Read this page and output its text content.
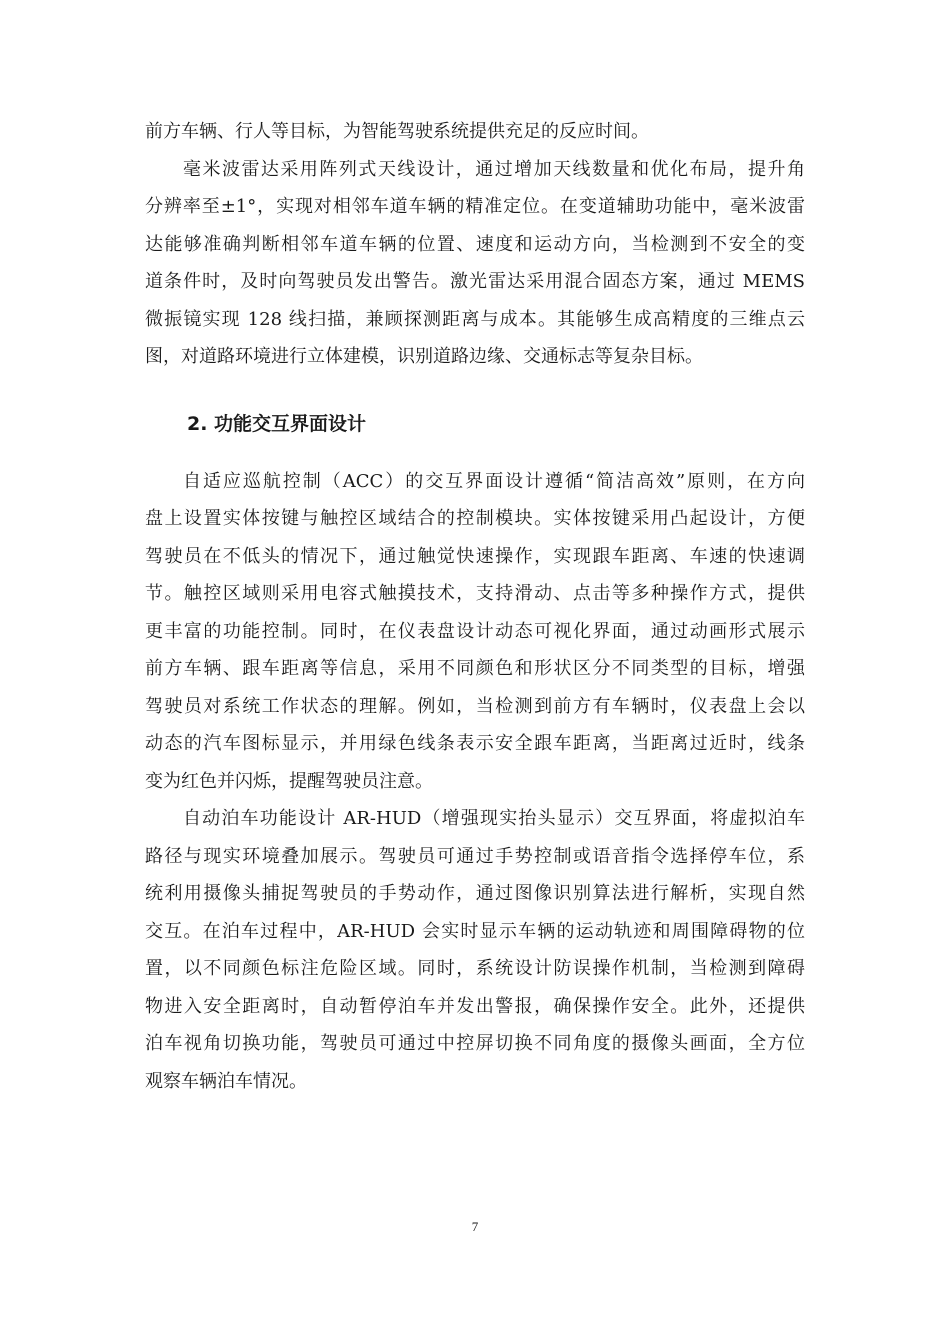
前方车辆、行人等目标，为智能驾驶系统提供充足的反应时间。
毫米波雷达采用阵列式天线设计，通过增加天线数量和优化布局，提升角
分辨率至±1°，实现对相邻车道车辆的精准定位。在变道辅助功能中，毫米波雷
达能够准确判断相邻车道车辆的位置、速度和运动方向，当检测到不安全的变
道条件时，及时向驾驶员发出警告。激光雷达采用混合固态方案，通过 MEMS
微振镜实现 128 线扫描，兼顾探测距离与成本。其能够生成高精度的三维点云
图，对道路环境进行立体建模，识别道路边缘、交通标志等复杂目标。
2. 功能交互界面设计
自适应巡航控制（ACC）的交互界面设计遵循“简洁高效”原则，在方向
盘上设置实体按键与触控区域结合的控制模块。实体按键采用凸起设计，方便
驾驶员在不低头的情况下，通过触觉快速操作，实现跟车距离、车速的快速调
节。触控区域则采用电容式触摸技术，支持滑动、点击等多种操作方式，提供
更丰富的功能控制。同时，在仪表盘设计动态可视化界面，通过动画形式展示
前方车辆、跟车距离等信息，采用不同颜色和形状区分不同类型的目标，增强
驾驶员对系统工作状态的理解。例如，当检测到前方有车辆时，仪表盘上会以
动态的汽车图标显示，并用绿色线条表示安全跟车距离，当距离过近时，线条
变为红色并闪烁，提醒驾驶员注意。
自动泊车功能设计 AR-HUD（增强现实抬头显示）交互界面，将虚拟泊车
路径与现实环境叠加展示。驾驶员可通过手势控制或语音指令选择停车位，系
统利用摄像头捕捉驾驶员的手势动作，通过图像识别算法进行解析，实现自然
交互。在泊车过程中，AR-HUD 会实时显示车辆的运动轨迹和周围障碍物的位
置，以不同颜色标注危险区域。同时，系统设计防误操作机制，当检测到障碍
物进入安全距离时，自动暂停泊车并发出警报，确保操作安全。此外，还提供
泊车视角切换功能，驾驶员可通过中控屏切换不同角度的摄像头画面，全方位
观察车辆泊车情况。
7
